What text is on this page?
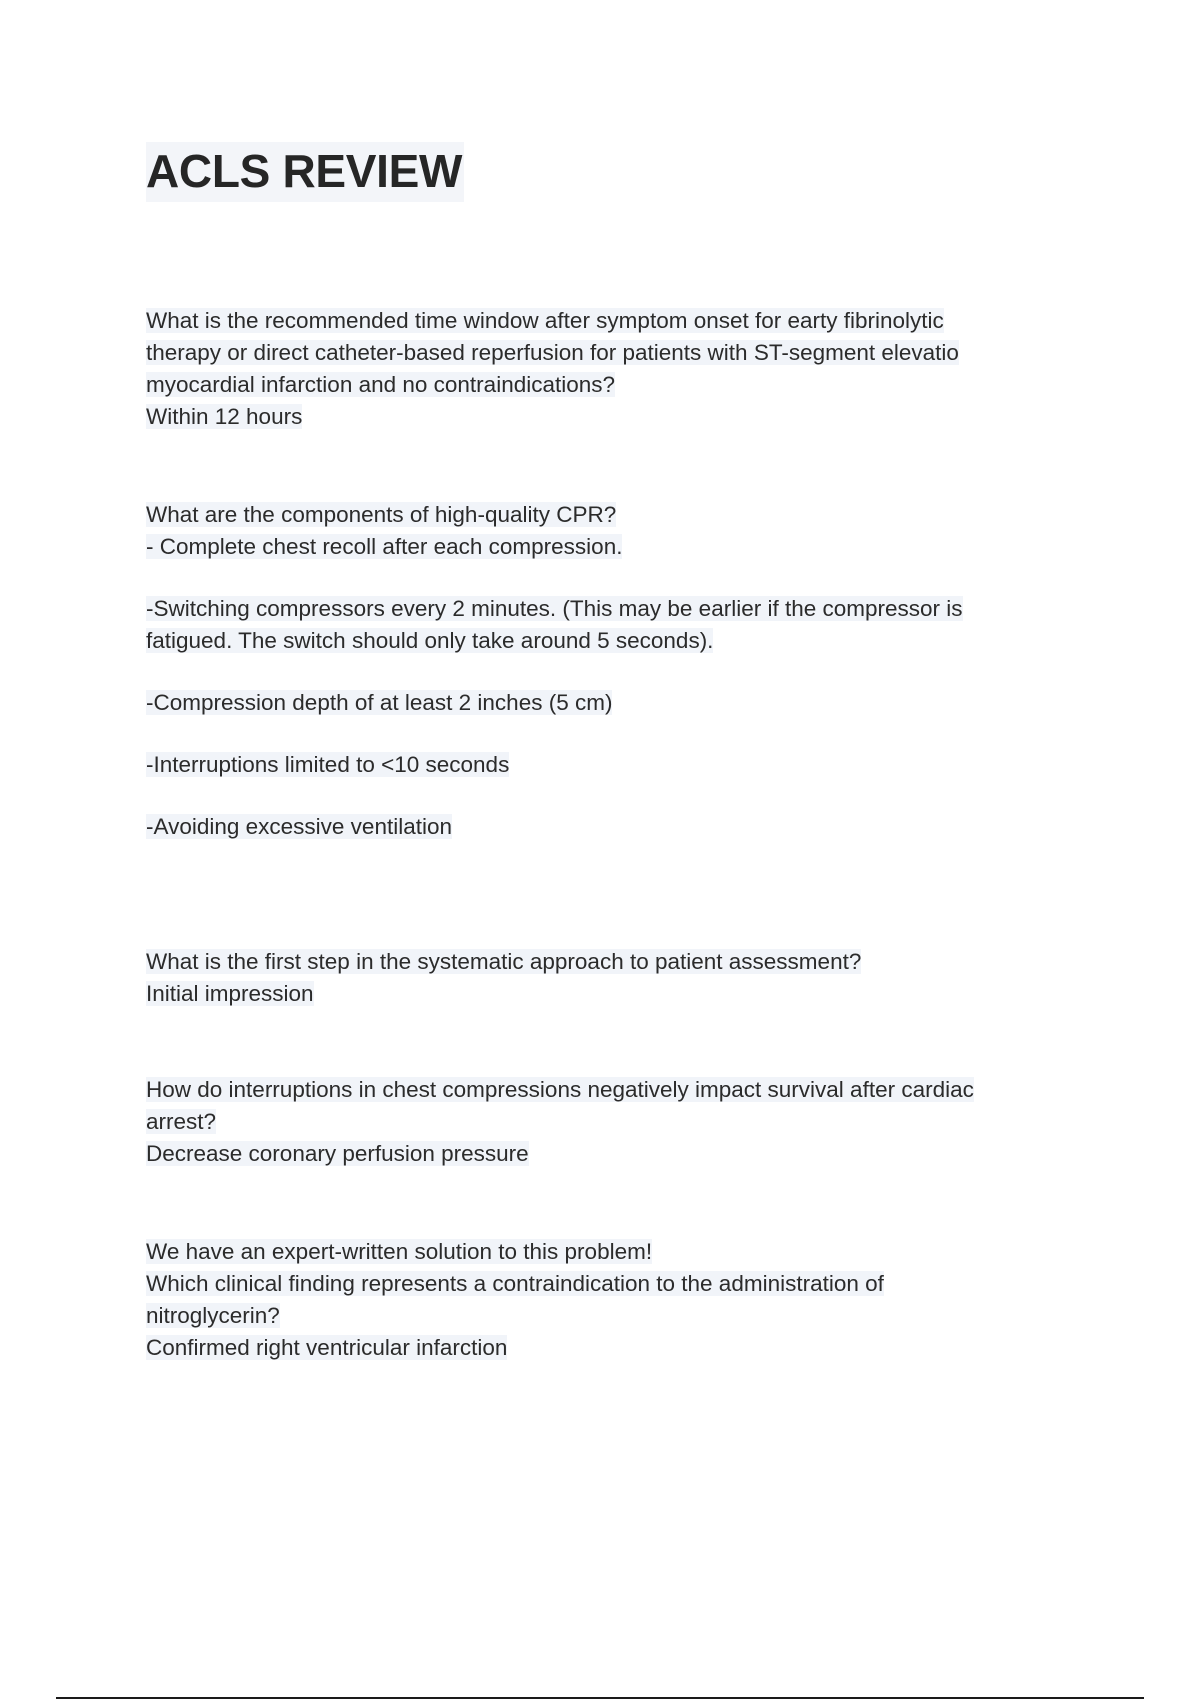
ACLS REVIEW
What is the recommended time window after symptom onset for earty fibrinolytic
therapy or direct catheter-based reperfusion for patients with ST-segment elevatio
myocardial infarction and no contraindications?
Within 12 hours
What are the components of high-quality CPR?
- Complete chest recoll after each compression.
-Switching compressors every 2 minutes. (This may be earlier if the compressor is
fatigued. The switch should only take around 5 seconds).
-Compression depth of at least 2 inches (5 cm)
-Interruptions limited to <10 seconds
-Avoiding excessive ventilation
What is the first step in the systematic approach to patient assessment?
Initial impression
How do interruptions in chest compressions negatively impact survival after cardiac
arrest?
Decrease coronary perfusion pressure
We have an expert-written solution to this problem!
Which clinical finding represents a contraindication to the administration of
nitroglycerin?
Confirmed right ventricular infarction
